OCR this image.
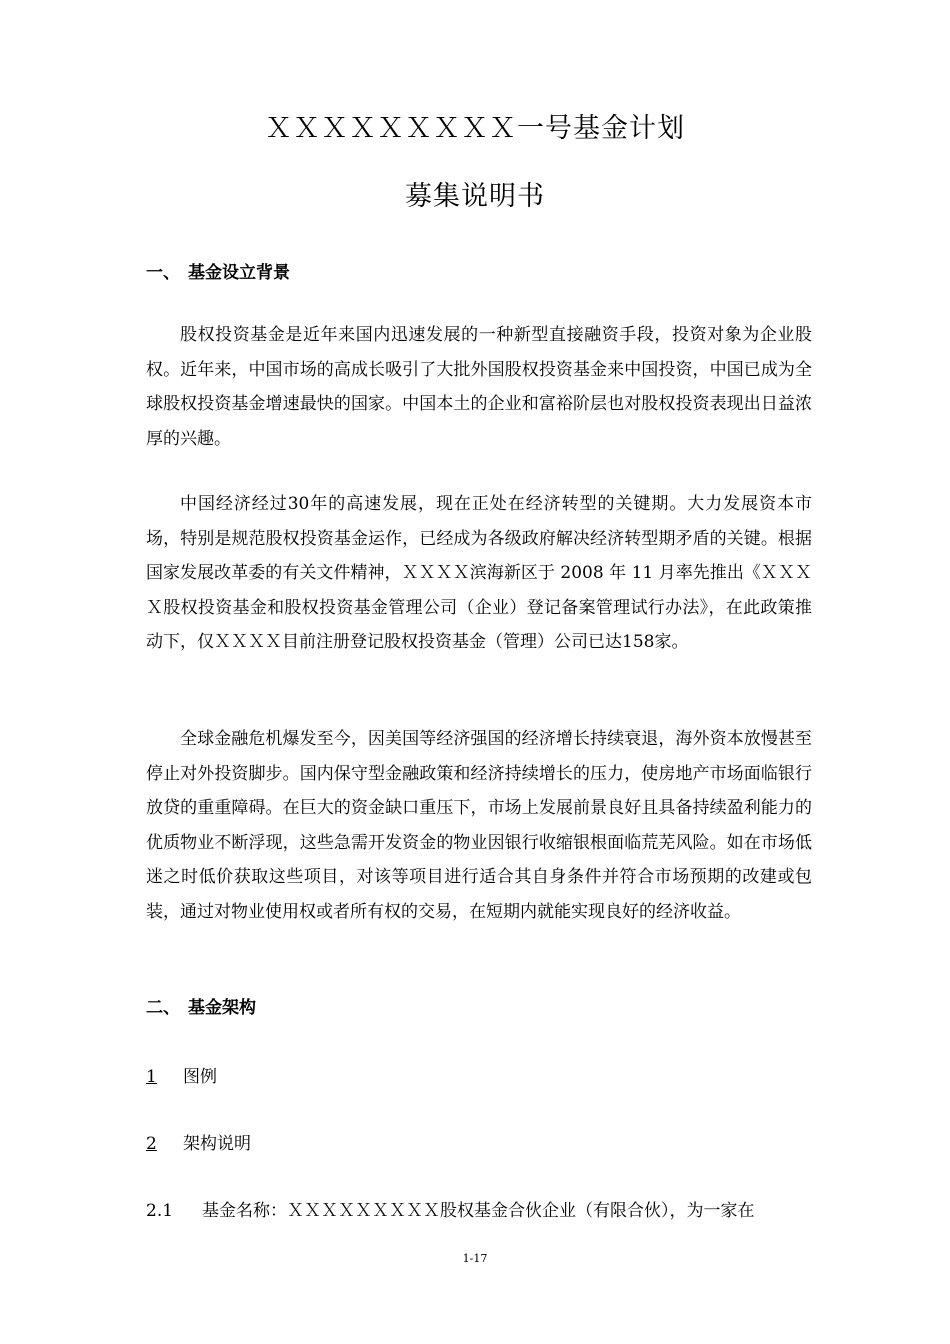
ＸＸＸＸＸＸＸＸＸ一号基金计划
募集说明书
一、 基金设立背景
股权投资基金是近年来国内迅速发展的一种新型直接融资手段，投资对象为企业股权。近年来，中国市场的高成长吸引了大批外国股权投资基金来中国投资，中国已成为全球股权投资基金增速最快的国家。中国本土的企业和富裕阶层也对股权投资表现出日益浓厚的兴趣。
中国经济经过30年的高速发展，现在正处在经济转型的关键期。大力发展资本市场，特别是规范股权投资基金运作，已经成为各级政府解决经济转型期矛盾的关键。根据国家发展改革委的有关文件精神，ＸＸＸＸ滨海新区于 2008 年 11 月率先推出《ＸＸＸＸ股权投资基金和股权投资基金管理公司（企业）登记备案管理试行办法》，在此政策推动下，仅ＸＸＸＸ目前注册登记股权投资基金（管理）公司已达158家。
全球金融危机爆发至今，因美国等经济强国的经济增长持续衰退，海外资本放慢甚至停止对外投资脚步。国内保守型金融政策和经济持续增长的压力，使房地产市场面临银行放贷的重重障碍。在巨大的资金缺口重压下，市场上发展前景良好且具备持续盈利能力的优质物业不断浮现，这些急需开发资金的物业因银行收缩银根面临荒芜风险。如在市场低迷之时低价获取这些项目，对该等项目进行适合其自身条件并符合市场预期的改建或包装，通过对物业使用权或者所有权的交易，在短期内就能实现良好的经济收益。
二、 基金架构
1 图例
2 架构说明
2.1 基金名称：ＸＸＸＸＸＸＸＸＸ股权基金合伙企业（有限合伙），为一家在
1-17
